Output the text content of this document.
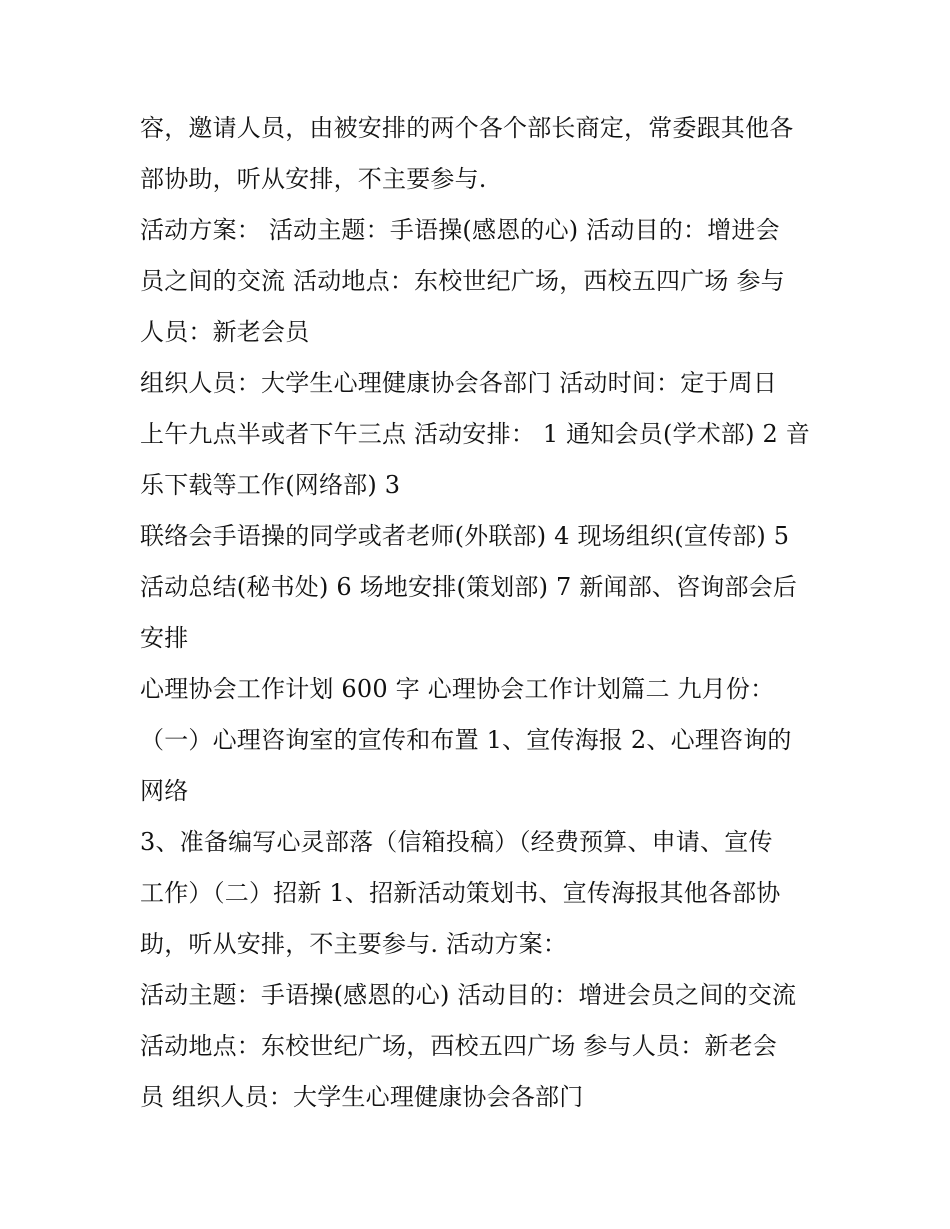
容，邀请人员，由被安排的两个各个部长商定，常委跟其他各
部协助，听从安排，不主要参与.
活动方案： 活动主题：手语操(感恩的心) 活动目的：增进会
员之间的交流 活动地点：东校世纪广场，西校五四广场 参与
人员：新老会员
组织人员：大学生心理健康协会各部门 活动时间：定于周日
上午九点半或者下午三点 活动安排： 1 通知会员(学术部) 2 音
乐下载等工作(网络部) 3
联络会手语操的同学或者老师(外联部) 4 现场组织(宣传部) 5
活动总结(秘书处) 6 场地安排(策划部) 7 新闻部、咨询部会后
安排
心理协会工作计划 600 字 心理协会工作计划篇二 九月份：
（一）心理咨询室的宣传和布置 1、宣传海报 2、心理咨询的
网络
3、准备编写心灵部落（信箱投稿）（经费预算、申请、宣传
工作）（二）招新 1、招新活动策划书、宣传海报其他各部协
助，听从安排，不主要参与. 活动方案：
活动主题：手语操(感恩的心) 活动目的：增进会员之间的交流
活动地点：东校世纪广场，西校五四广场 参与人员：新老会
员 组织人员：大学生心理健康协会各部门
